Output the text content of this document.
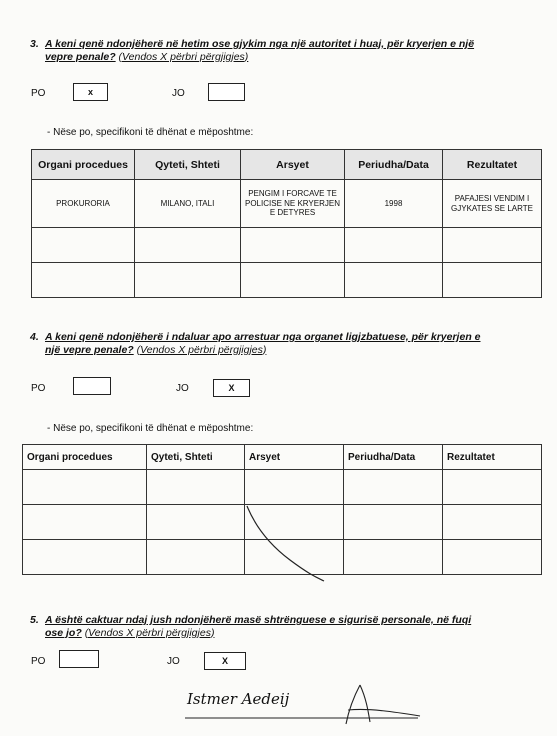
3. A keni qenë ndonjëherë në hetim ose gjykim nga një autoritet i huaj, për kryerjen e një
vepre penale? (Vendos X përbri përgjigjes)
PO	x	JO
- Nëse po, specifikoni të dhënat e mëposhtme:
Organi procedues	Qyteti, Shteti	Arsyet	Periudha/Data	Rezultatet
PROKURORIA	MILANO, ITALI	PENGIM I FORCAVE TE POLICISE NE KRYERJEN E DETYRES	1998	PAFAJESI VENDIM I GJYKATES SE LARTE

4. A keni qenë ndonjëherë i ndaluar apo arrestuar nga organet ligjzbatuese, për kryerjen e
një vepre penale? (Vendos X përbri përgjigjes)
PO	JO	X
- Nëse po, specifikoni të dhënat e mëposhtme:
Organi procedues	Qyteti, Shteti	Arsyet	Periudha/Data	Rezultatet

5. A është caktuar ndaj jush ndonjëherë masë shtrënguese e sigurisë personale, në fuqi
ose jo? (Vendos X përbri përgjigjes)
PO	JO	X
Istmer Aedeij
